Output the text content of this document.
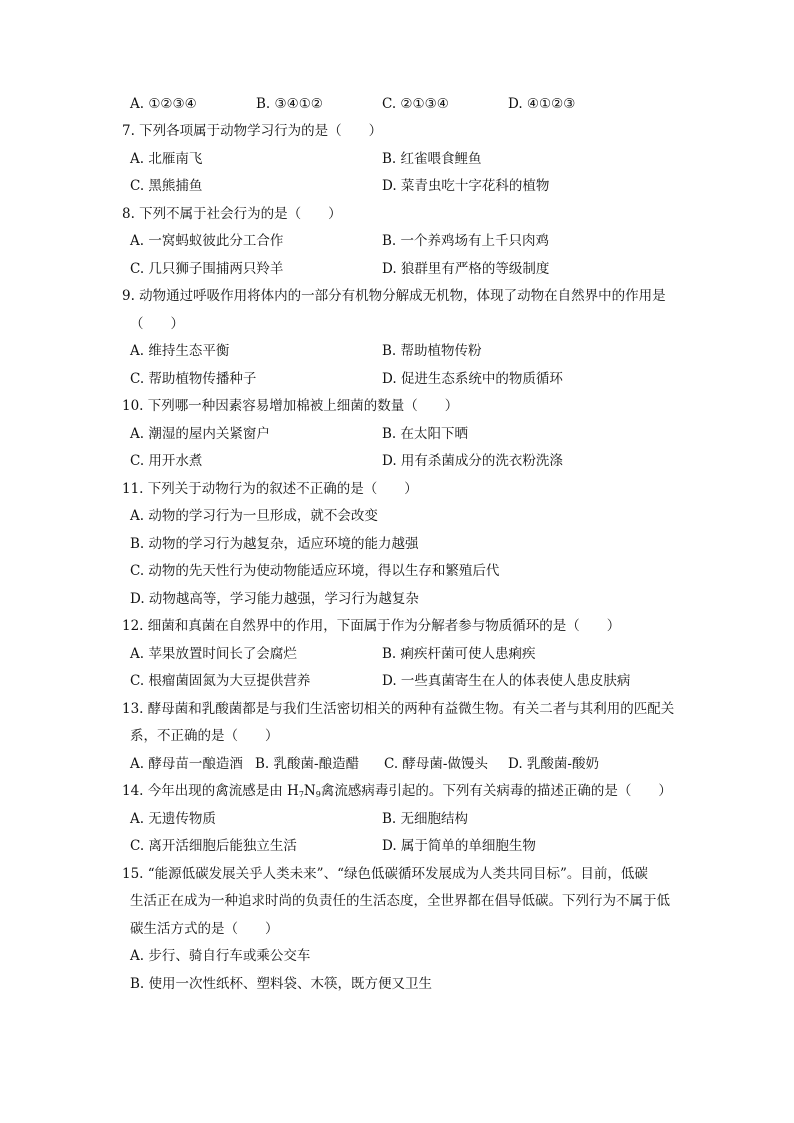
A. ①②③④	B. ③④①②	C. ②①③④	D. ④①②③
7. 下列各项属于动物学习行为的是（　　）
A. 北雁南飞	B. 红雀喂食鲤鱼
C. 黑熊捕鱼	D. 菜青虫吃十字花科的植物
8. 下列不属于社会行为的是（　　）
A. 一窝蚂蚁彼此分工合作	B. 一个养鸡场有上千只肉鸡
C. 几只狮子围捕两只羚羊	D. 狼群里有严格的等级制度
9. 动物通过呼吸作用将体内的一部分有机物分解成无机物，体现了动物在自然界中的作用是
（　　）
A. 维持生态平衡	B. 帮助植物传粉
C. 帮助植物传播种子	D. 促进生态系统中的物质循环
10. 下列哪一种因素容易增加棉被上细菌的数量（　　）
A. 潮湿的屋内关紧窗户	B. 在太阳下晒
C. 用开水煮	D. 用有杀菌成分的洗衣粉洗涤
11. 下列关于动物行为的叙述不正确的是（　　）
A. 动物的学习行为一旦形成，就不会改变
B. 动物的学习行为越复杂，适应环境的能力越强
C. 动物的先天性行为使动物能适应环境，得以生存和繁殖后代
D. 动物越高等，学习能力越强，学习行为越复杂
12. 细菌和真菌在自然界中的作用，下面属于作为分解者参与物质循环的是（　　）
A. 苹果放置时间长了会腐烂	B. 痢疾杆菌可使人患痢疾
C. 根瘤菌固氮为大豆提供营养	D. 一些真菌寄生在人的体表使人患皮肤病
13. 酵母菌和乳酸菌都是与我们生活密切相关的两种有益微生物。有关二者与其利用的匹配关
系，不正确的是（　　）
A. 酵母苗一酿造酒 B. 乳酸菌-酿造醋 C. 酵母菌-做馒头 D. 乳酸菌-酸奶
14. 今年出现的禽流感是由 $H_7N_9$禽流感病毒引起的。下列有关病毒的描述正确的是（　　）
A. 无遗传物质	B. 无细胞结构
C. 离开活细胞后能独立生活	D. 属于简单的单细胞生物
15. “能源低碳发展关乎人类未来”、“绿色低碳循环发展成为人类共同目标”。目前，低碳
生活正在成为一种追求时尚的负责任的生活态度，全世界都在倡导低碳。下列行为不属于低
碳生活方式的是（　　）
A. 步行、骑自行车或乘公交车
B. 使用一次性纸杯、塑料袋、木筷，既方便又卫生
